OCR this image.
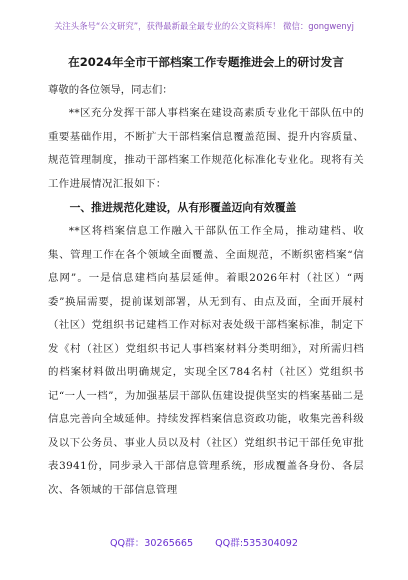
关注头条号“公文研究”，获得最新最全最专业的公文资料库！ 微信：gongwenyj

在2024年全市干部档案工作专题推进会上的研讨发言

尊敬的各位领导，同志们：

**区充分发挥干部人事档案在建设高素质专业化干部队伍中的重要基础作用，不断扩大干部档案信息覆盖范围、提升内容质量、规范管理制度，推动干部档案工作规范化标准化专业化。现将有关工作进展情况汇报如下：

一、推进规范化建设，从有形覆盖迈向有效覆盖

**区将档案信息工作融入干部队伍工作全局，推动建档、收集、管理工作在各个领域全面覆盖、全面规范，不断织密档案“信息网”。一是信息建档向基层延伸。着眼2026年村（社区）“两委”换届需要，提前谋划部署，从无到有、由点及面，全面开展村（社区）党组织书记建档工作对标对表处级干部档案标准，制定下发《村（社区）党组织书记人事档案材料分类明细》，对所需归档的档案材料做出明确规定，实现全区784名村（社区）党组织书记“一人一档”，为加强基层干部队伍建设提供坚实的档案基础二是信息完善向全域延伸。持续发挥档案信息资政功能，收集完善科级及以下公务员、事业人员以及村（社区）党组织书记干部任免审批表3941份，同步录入干部信息管理系统，形成覆盖各身份、各层次、各领域的干部信息管理

QQ群：30265665 QQ群:535304092
